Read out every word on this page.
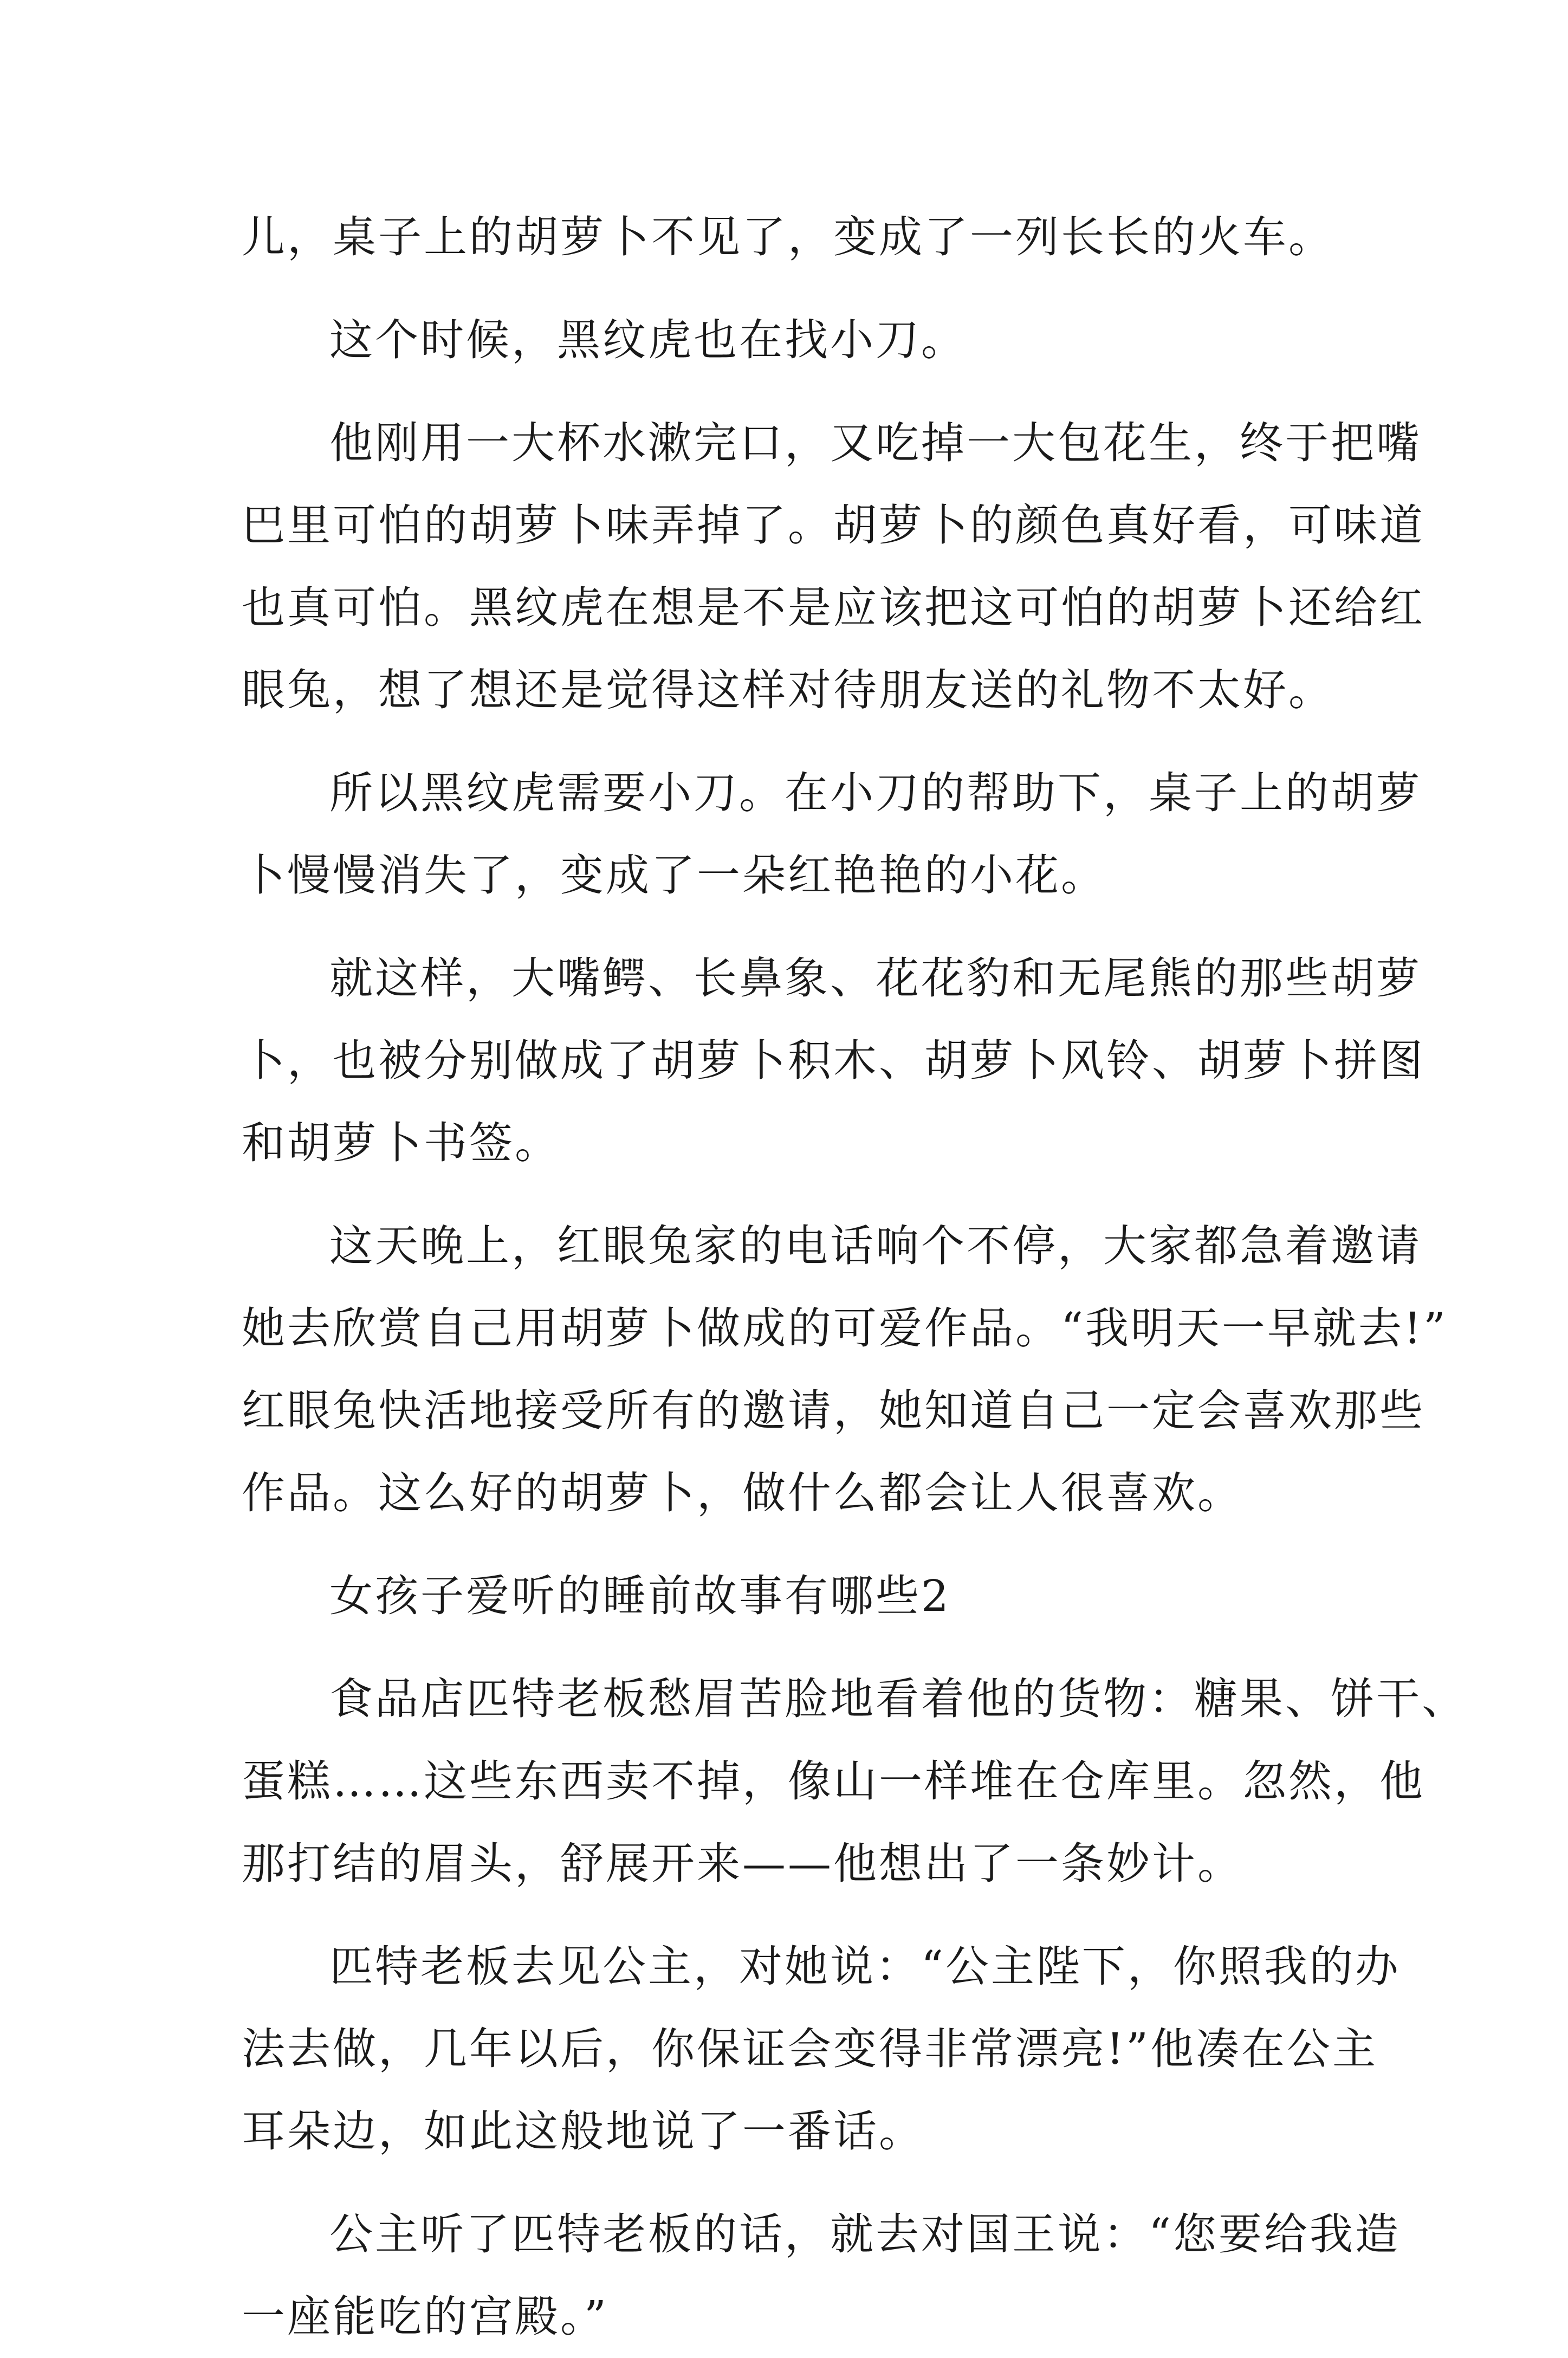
儿，桌子上的胡萝卜不见了，变成了一列长长的火车。
这个时候，黑纹虎也在找小刀。
他刚用一大杯水漱完口，又吃掉一大包花生，终于把嘴
巴里可怕的胡萝卜味弄掉了。胡萝卜的颜色真好看，可味道
也真可怕。黑纹虎在想是不是应该把这可怕的胡萝卜还给红
眼兔，想了想还是觉得这样对待朋友送的礼物不太好。
所以黑纹虎需要小刀。在小刀的帮助下，桌子上的胡萝
卜慢慢消失了，变成了一朵红艳艳的小花。
就这样，大嘴鳄、长鼻象、花花豹和无尾熊的那些胡萝
卜，也被分别做成了胡萝卜积木、胡萝卜风铃、胡萝卜拼图
和胡萝卜书签。
这天晚上，红眼兔家的电话响个不停，大家都急着邀请
她去欣赏自己用胡萝卜做成的可爱作品。“我明天一早就去!”
红眼兔快活地接受所有的邀请，她知道自己一定会喜欢那些
作品。这么好的胡萝卜，做什么都会让人很喜欢。
女孩子爱听的睡前故事有哪些2
食品店匹特老板愁眉苦脸地看着他的货物：糖果、饼干、
蛋糕……这些东西卖不掉，像山一样堆在仓库里。忽然，他
那打结的眉头，舒展开来——他想出了一条妙计。
匹特老板去见公主，对她说：“公主陛下，你照我的办
法去做，几年以后，你保证会变得非常漂亮!”他凑在公主
耳朵边，如此这般地说了一番话。
公主听了匹特老板的话，就去对国王说：“您要给我造
一座能吃的宫殿。”
